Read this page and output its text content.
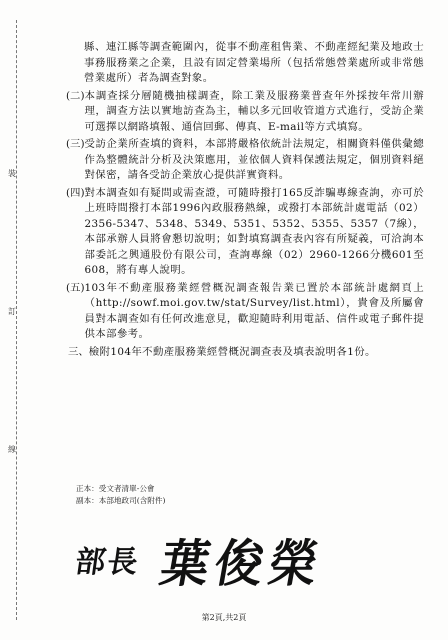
裝
訂
線

縣、連江縣等調查範圍內，從事不動產租售業、不動產經紀業及地政士事務服務業之企業，且設有固定營業場所（包括常態營業處所或非常態營業處所）者為調查對象。

(二) 本調查採分層隨機抽樣調查，除工業及服務業普查年外採按年常川辦理，調查方法以實地訪查為主，輔以多元回收管道方式進行，受訪企業可選擇以網路填報、通信回郵、傳真、E-mail等方式填寫。
(三) 受訪企業所查填的資料，本部將嚴格依統計法規定，相關資料僅供彙總作為整體統計分析及決策應用，並依個人資料保護法規定，個別資料絕對保密，請各受訪企業放心提供詳實資料。
(四) 對本調查如有疑問或需查證，可隨時撥打165反詐騙專線查詢，亦可於上班時間撥打本部1996內政服務熱線，或撥打本部統計處電話（02）2356-5347、5348、5349、5351、5352、5355、5357（7線），本部承辦人員將會懇切說明；如對填寫調查表內容有所疑義，可洽詢本部委託之興通股份有限公司，查詢專線（02）2960-1266分機601至608，將有專人說明。
(五) 103年不動產服務業經營概況調查報告業已置於本部統計處網頁上（http://sowf.moi.gov.tw/stat/Survey/list.html），貴會及所屬會員對本調查如有任何改進意見，歡迎隨時利用電話、信件或電子郵件提供本部參考。
三、 檢附104年不動產服務業經營概況調查表及填表說明各1份。
正本：受文者清單-公會
副本：本部地政司(含附件)
部長 葉俊榮
第2頁,共2頁
